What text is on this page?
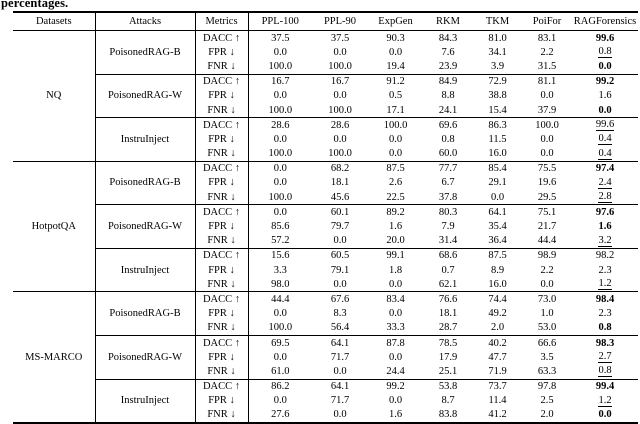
percentages.
Datasets	Attacks	Metrics	PPL-100	PPL-90	ExpGen	RKM	TKM	PoiFor	RAGForensics
NQ	PoisonedRAG-B	DACC ↑	37.5	37.5	90.3	84.3	81.0	83.1	99.6
		FPR ↓	0.0	0.0	0.0	7.6	34.1	2.2	0.8
		FNR ↓	100.0	100.0	19.4	23.9	3.9	31.5	0.0
	PoisonedRAG-W	DACC ↑	16.7	16.7	91.2	84.9	72.9	81.1	99.2
		FPR ↓	0.0	0.0	0.5	8.8	38.8	0.0	1.6
		FNR ↓	100.0	100.0	17.1	24.1	15.4	37.9	0.0
	InstruInject	DACC ↑	28.6	28.6	100.0	69.6	86.3	100.0	99.6
		FPR ↓	0.0	0.0	0.0	0.8	11.5	0.0	0.4
		FNR ↓	100.0	100.0	0.0	60.0	16.0	0.0	0.4
HotpotQA	PoisonedRAG-B	DACC ↑	0.0	68.2	87.5	77.7	85.4	75.5	97.4
		FPR ↓	0.0	18.1	2.6	6.7	29.1	19.6	2.4
		FNR ↓	100.0	45.6	22.5	37.8	0.0	29.5	2.8
	PoisonedRAG-W	DACC ↑	0.0	60.1	89.2	80.3	64.1	75.1	97.6
		FPR ↓	85.6	79.7	1.6	7.9	35.4	21.7	1.6
		FNR ↓	57.2	0.0	20.0	31.4	36.4	44.4	3.2
	InstruInject	DACC ↑	15.6	60.5	99.1	68.6	87.5	98.9	98.2
		FPR ↓	3.3	79.1	1.8	0.7	8.9	2.2	2.3
		FNR ↓	98.0	0.0	0.0	62.1	16.0	0.0	1.2
MS-MARCO	PoisonedRAG-B	DACC ↑	44.4	67.6	83.4	76.6	74.4	73.0	98.4
		FPR ↓	0.0	8.3	0.0	18.1	49.2	1.0	2.3
		FNR ↓	100.0	56.4	33.3	28.7	2.0	53.0	0.8
	PoisonedRAG-W	DACC ↑	69.5	64.1	87.8	78.5	40.2	66.6	98.3
		FPR ↓	0.0	71.7	0.0	17.9	47.7	3.5	2.7
		FNR ↓	61.0	0.0	24.4	25.1	71.9	63.3	0.8
	InstruInject	DACC ↑	86.2	64.1	99.2	53.8	73.7	97.8	99.4
		FPR ↓	0.0	71.7	0.0	8.7	11.4	2.5	1.2
		FNR ↓	27.6	0.0	1.6	83.8	41.2	2.0	0.0
